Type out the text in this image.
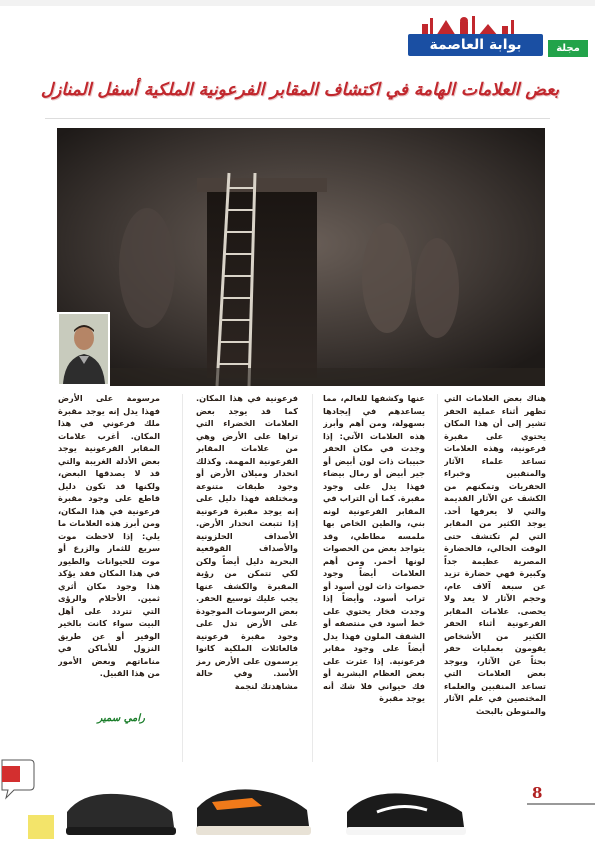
بوابة العاصمة	مجلة
بعض العلامات الهامة في اكتشاف المقابر الفرعونية الملكية أسفل المنازل

هناك بعض العلامات التي تظهر أثناء عملية الحفر تشير إلى أن هذا المكان يحتوي على مقبرة فرعونية، وهذه العلامات تساعد علماء الآثار والمنقبين وخبراء الحفريات وتمكنهم من الكشف عن الآثار القديمة والتي لا يعرفها أحد. يوجد الكثير من المقابر التي لم تكتشف حتى الوقت الحالي، فالحضارة المصرية عظيمة جداً وكبيرة فهي حضارة تزيد عن سبعة آلاف عام، وحجم الآثار لا يعد ولا يحصى. علامات المقابر الفرعونية أثناء الحفر الكثير من الأشخاص يقومون بعمليات حفر بحثاً عن الآثار، ويوجد بعض العلامات التي تساعد المنقبين والعلماء المختصين في علم الآثار والمتوطن بالبحث

عنها وكشفها للعالم، مما يساعدهم في إيجادها بسهولة، ومن أهم وأبرز هذه العلامات الآتي: إذا وجدت في مكان الحفر حبيبات ذات لون أبيض أو جير أبيض أو رمال بيضاء فهذا يدل على وجود مقبرة. كما أن التراب في المقابر الفرعونية لونه بني، والطين الخاص بها ملمسه مطاطي، وقد يتواجد بعض من الحصوات لونها أحمر. ومن أهم العلامات أيضاً وجود حصوات ذات لون أسود أو تراب أسود. وأيضاً إذا وجدت فخار يحتوي على خط أسود في منتصفه أو الشقف الملون فهذا يدل أيضاً على وجود مقابر فرعونية. إذا عثرت على بعض العظام البشرية أو فك حيواني فلا شك أنه يوجد مقبرة

فرعونية في هذا المكان. كما قد يوجد بعض العلامات الخضراء التي تراها على الأرض وهي من علامات المقابر الفرعونية المهمة. وكذلك انحدار وميلان الأرض أو وجود طبقات متنوعة ومختلفة فهذا دليل على إنه يوجد مقبرة فرعونية إذا تتبعت انحدار الأرض. الأصداف الحلزونية والأصداف القوقعية البحرية دليل أيضاً ولكن لكي تتمكن من رؤية المقبرة والكشف عنها يجب عليك توسيع الحفر. بعض الرسومات الموجودة على الأرض تدل على وجود مقبرة فرعونية فالعائلات الملكية كانوا يرسمون على الأرض رمز الأسد. وفي حالة مشاهدتك لنجمة

مرسومة على الأرض فهذا يدل إنه يوجد مقبرة ملك فرعوني في هذا المكان. أغرب علامات المقابر الفرعونية يوجد بعض الأدلة الغريبة والتي قد لا يصدقها البعض، ولكنها قد تكون دليل قاطع على وجود مقبرة فرعونية في هذا المكان، ومن أبرز هذه العلامات ما يلي: إذا لاحظت موت سريع للثمار والزرع أو موت للحيوانات والطيور في هذا المكان فقد يؤكد هذا وجود مكان أثري ثمين. الأحلام والرؤى التي تتردد على أهل البيت سواء كانت بالخير الوفير أو عن طريق النزول للأماكن في مناماتهم وبعض الأمور من هذا القبيل.

رامي سمير
8
